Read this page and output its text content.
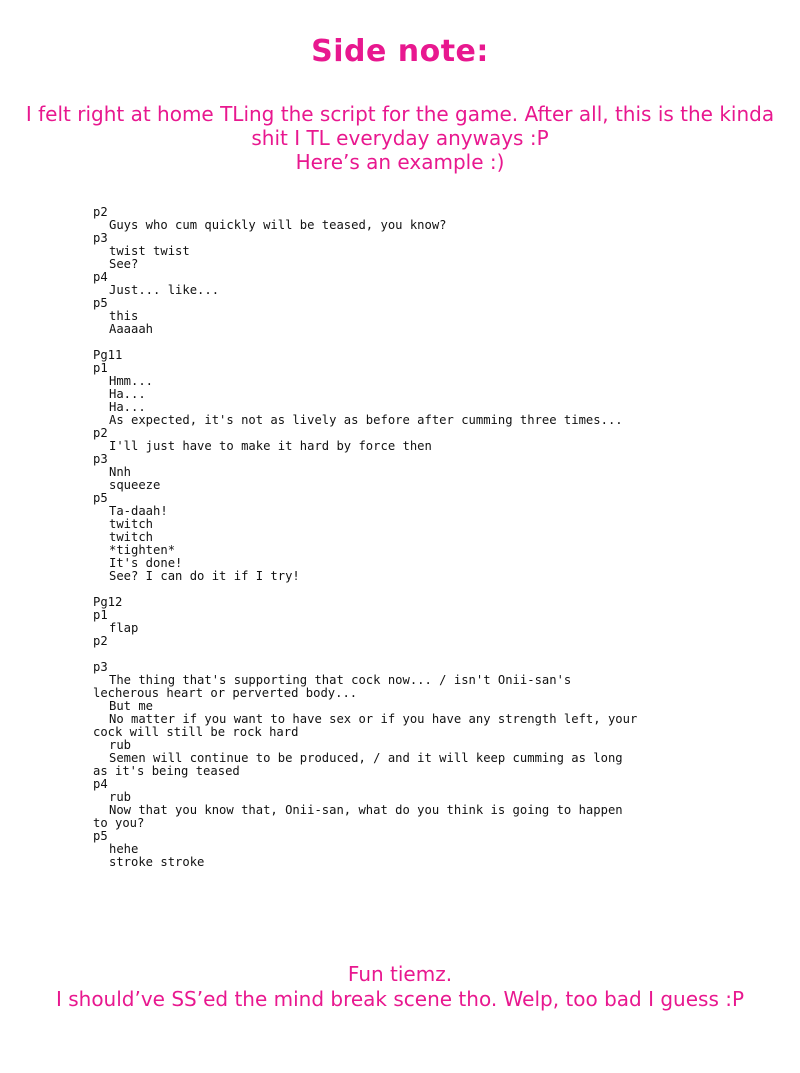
Side note:
I felt right at home TLing the script for the game. After all, this is the kinda
shit I TL everyday anyways :P
Here’s an example :)
p2
Guys who cum quickly will be teased, you know?
p3
twist twist
See?
p4
Just... like...
p5
this
Aaaaah
Pg11
p1
Hmm...
Ha...
Ha...
As expected, it's not as lively as before after cumming three times...
p2
I'll just have to make it hard by force then
p3
Nnh
squeeze
p5
Ta-daah!
twitch
twitch
*tighten*
It's done!
See? I can do it if I try!
Pg12
p1
flap
p2
p3
The thing that's supporting that cock now... / isn't Onii-san's
lecherous heart or perverted body...
But me
No matter if you want to have sex or if you have any strength left, your
cock will still be rock hard
rub
Semen will continue to be produced, / and it will keep cumming as long
as it's being teased
p4
rub
Now that you know that, Onii-san, what do you think is going to happen
to you?
p5
hehe
stroke stroke
Fun tiemz.
I should’ve SS’ed the mind break scene tho. Welp, too bad I guess :P
